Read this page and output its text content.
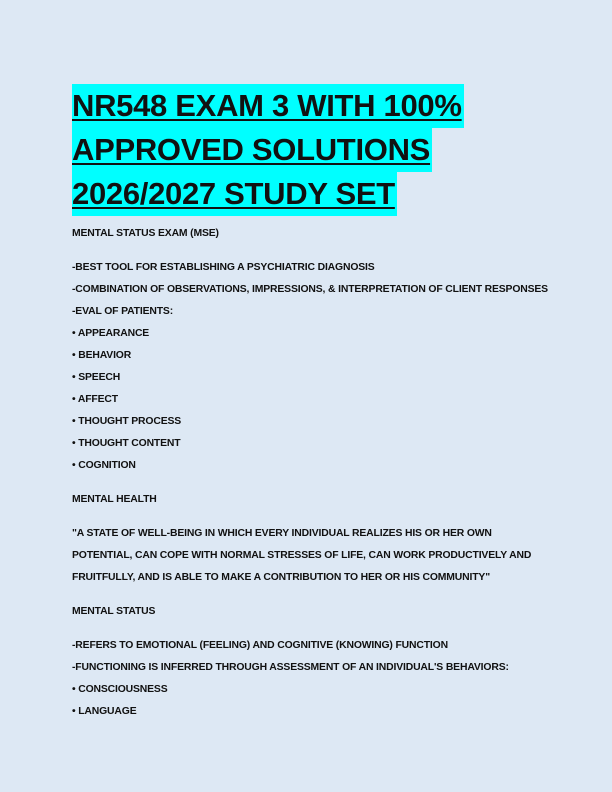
NR548 EXAM 3 WITH 100%
APPROVED SOLUTIONS
2026/2027 STUDY SET
MENTAL STATUS EXAM (MSE)
-BEST TOOL FOR ESTABLISHING A PSYCHIATRIC DIAGNOSIS
-COMBINATION OF OBSERVATIONS, IMPRESSIONS, & INTERPRETATION OF CLIENT RESPONSES
-EVAL OF PATIENTS:
• APPEARANCE
• BEHAVIOR
• SPEECH
• AFFECT
• THOUGHT PROCESS
• THOUGHT CONTENT
• COGNITION
MENTAL HEALTH
"A STATE OF WELL-BEING IN WHICH EVERY INDIVIDUAL REALIZES HIS OR HER OWN
POTENTIAL, CAN COPE WITH NORMAL STRESSES OF LIFE, CAN WORK PRODUCTIVELY AND
FRUITFULLY, AND IS ABLE TO MAKE A CONTRIBUTION TO HER OR HIS COMMUNITY"
MENTAL STATUS
-REFERS TO EMOTIONAL (FEELING) AND COGNITIVE (KNOWING) FUNCTION
-FUNCTIONING IS INFERRED THROUGH ASSESSMENT OF AN INDIVIDUAL'S BEHAVIORS:
• CONSCIOUSNESS
• LANGUAGE
